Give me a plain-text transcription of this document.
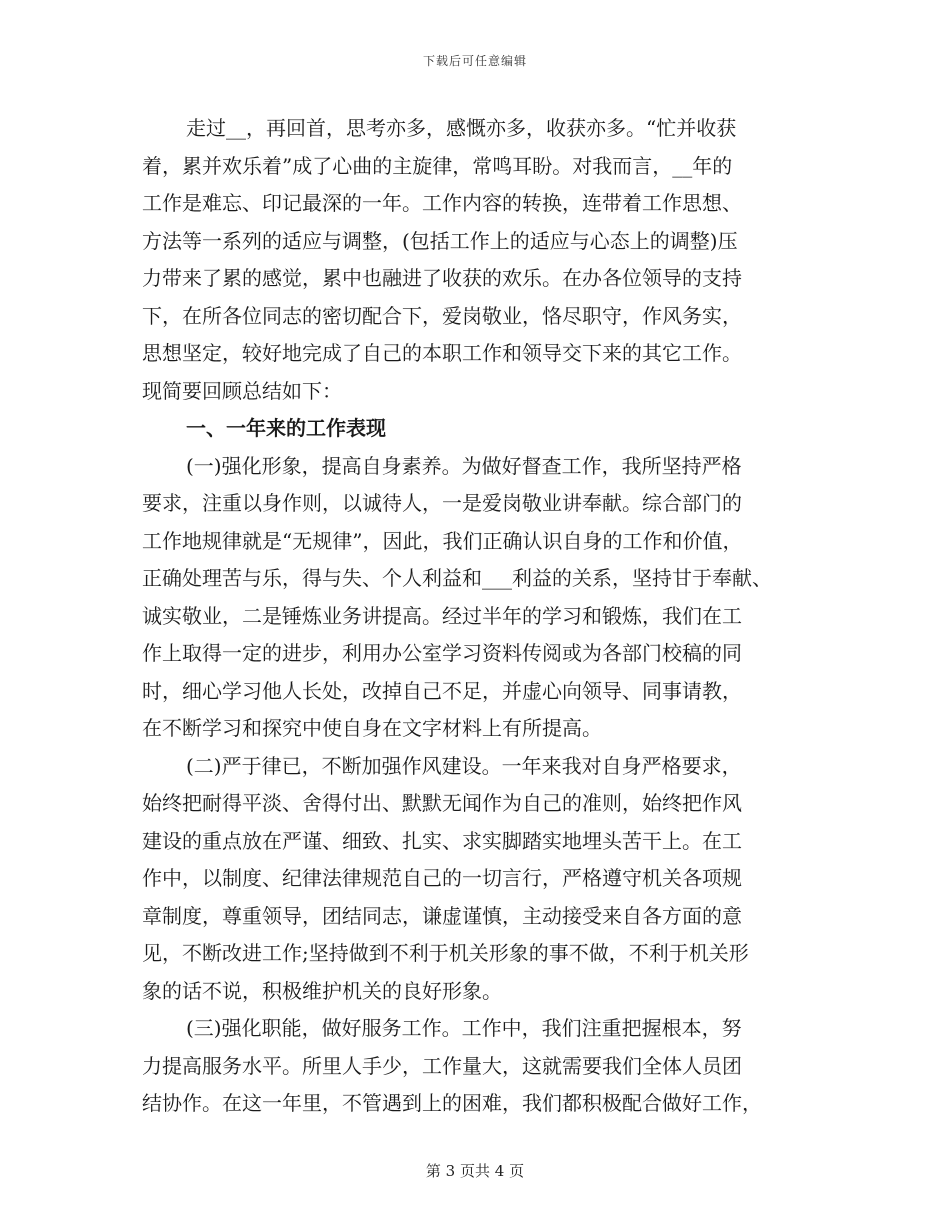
下载后可任意编辑
走过__，再回首，思考亦多，感慨亦多，收获亦多。“忙并收获
着，累并欢乐着”成了心曲的主旋律，常鸣耳盼。对我而言，__年的
工作是难忘、印记最深的一年。工作内容的转换，连带着工作思想、
方法等一系列的适应与调整，(包括工作上的适应与心态上的调整)压
力带来了累的感觉，累中也融进了收获的欢乐。在办各位领导的支持
下，在所各位同志的密切配合下，爱岗敬业，恪尽职守，作风务实，
思想坚定，较好地完成了自己的本职工作和领导交下来的其它工作。
现简要回顾总结如下：
一、一年来的工作表现
(一)强化形象，提高自身素养。为做好督查工作，我所坚持严格
要求，注重以身作则，以诚待人，一是爱岗敬业讲奉献。综合部门的
工作地规律就是“无规律”，因此，我们正确认识自身的工作和价值，
正确处理苦与乐，得与失、个人利益和___利益的关系，坚持甘于奉献、
诚实敬业，二是锤炼业务讲提高。经过半年的学习和锻炼，我们在工
作上取得一定的进步，利用办公室学习资料传阅或为各部门校稿的同
时，细心学习他人长处，改掉自己不足，并虚心向领导、同事请教，
在不断学习和探究中使自身在文字材料上有所提高。
(二)严于律已，不断加强作风建设。一年来我对自身严格要求，
始终把耐得平淡、舍得付出、默默无闻作为自己的准则，始终把作风
建设的重点放在严谨、细致、扎实、求实脚踏实地埋头苦干上。在工
作中，以制度、纪律法律规范自己的一切言行，严格遵守机关各项规
章制度，尊重领导，团结同志，谦虚谨慎，主动接受来自各方面的意
见，不断改进工作;坚持做到不利于机关形象的事不做，不利于机关形
象的话不说，积极维护机关的良好形象。
(三)强化职能，做好服务工作。工作中，我们注重把握根本，努
力提高服务水平。所里人手少，工作量大，这就需要我们全体人员团
结协作。在这一年里，不管遇到上的困难，我们都积极配合做好工作，
第 3 页共 4 页
